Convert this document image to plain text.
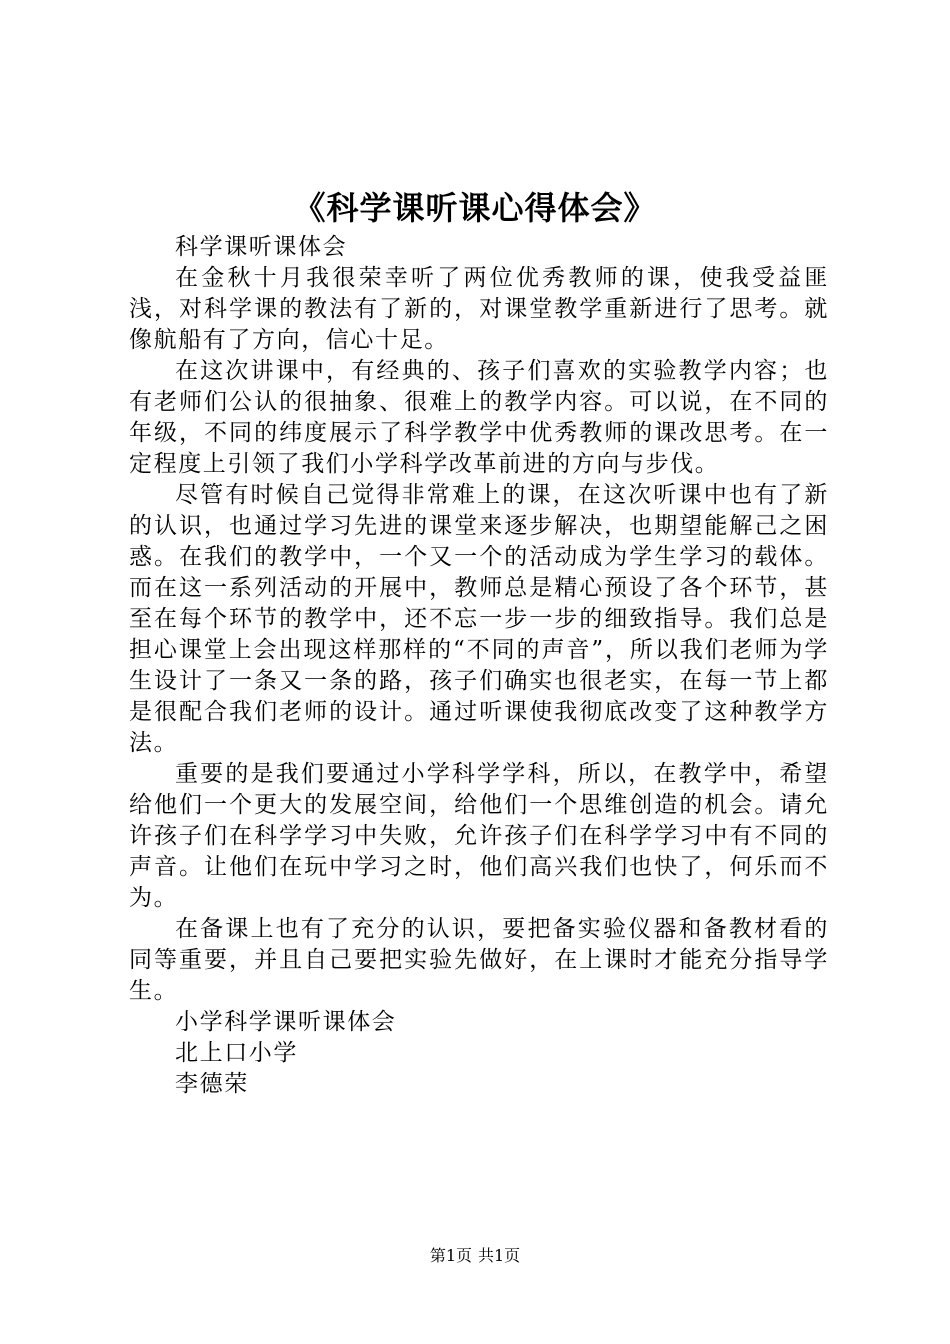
《科学课听课心得体会》

科学课听课体会

在金秋十月我很荣幸听了两位优秀教师的课，使我受益匪浅，对科学课的教法有了新的，对课堂教学重新进行了思考。就像航船有了方向，信心十足。

在这次讲课中，有经典的、孩子们喜欢的实验教学内容；也有老师们公认的很抽象、很难上的教学内容。可以说，在不同的年级，不同的纬度展示了科学教学中优秀教师的课改思考。在一定程度上引领了我们小学科学改革前进的方向与步伐。

尽管有时候自己觉得非常难上的课，在这次听课中也有了新的认识，也通过学习先进的课堂来逐步解决，也期望能解己之困惑。在我们的教学中，一个又一个的活动成为学生学习的载体。而在这一系列活动的开展中，教师总是精心预设了各个环节，甚至在每个环节的教学中，还不忘一步一步的细致指导。我们总是担心课堂上会出现这样那样的“不同的声音”，所以我们老师为学生设计了一条又一条的路，孩子们确实也很老实，在每一节上都是很配合我们老师的设计。通过听课使我彻底改变了这种教学方法。

重要的是我们要通过小学科学学科，所以，在教学中，希望给他们一个更大的发展空间，给他们一个思维创造的机会。请允许孩子们在科学学习中失败，允许孩子们在科学学习中有不同的声音。让他们在玩中学习之时，他们高兴我们也快了，何乐而不为。

在备课上也有了充分的认识，要把备实验仪器和备教材看的同等重要，并且自己要把实验先做好，在上课时才能充分指导学生。

小学科学课听课体会

北上口小学

李德荣

第1页 共1页
